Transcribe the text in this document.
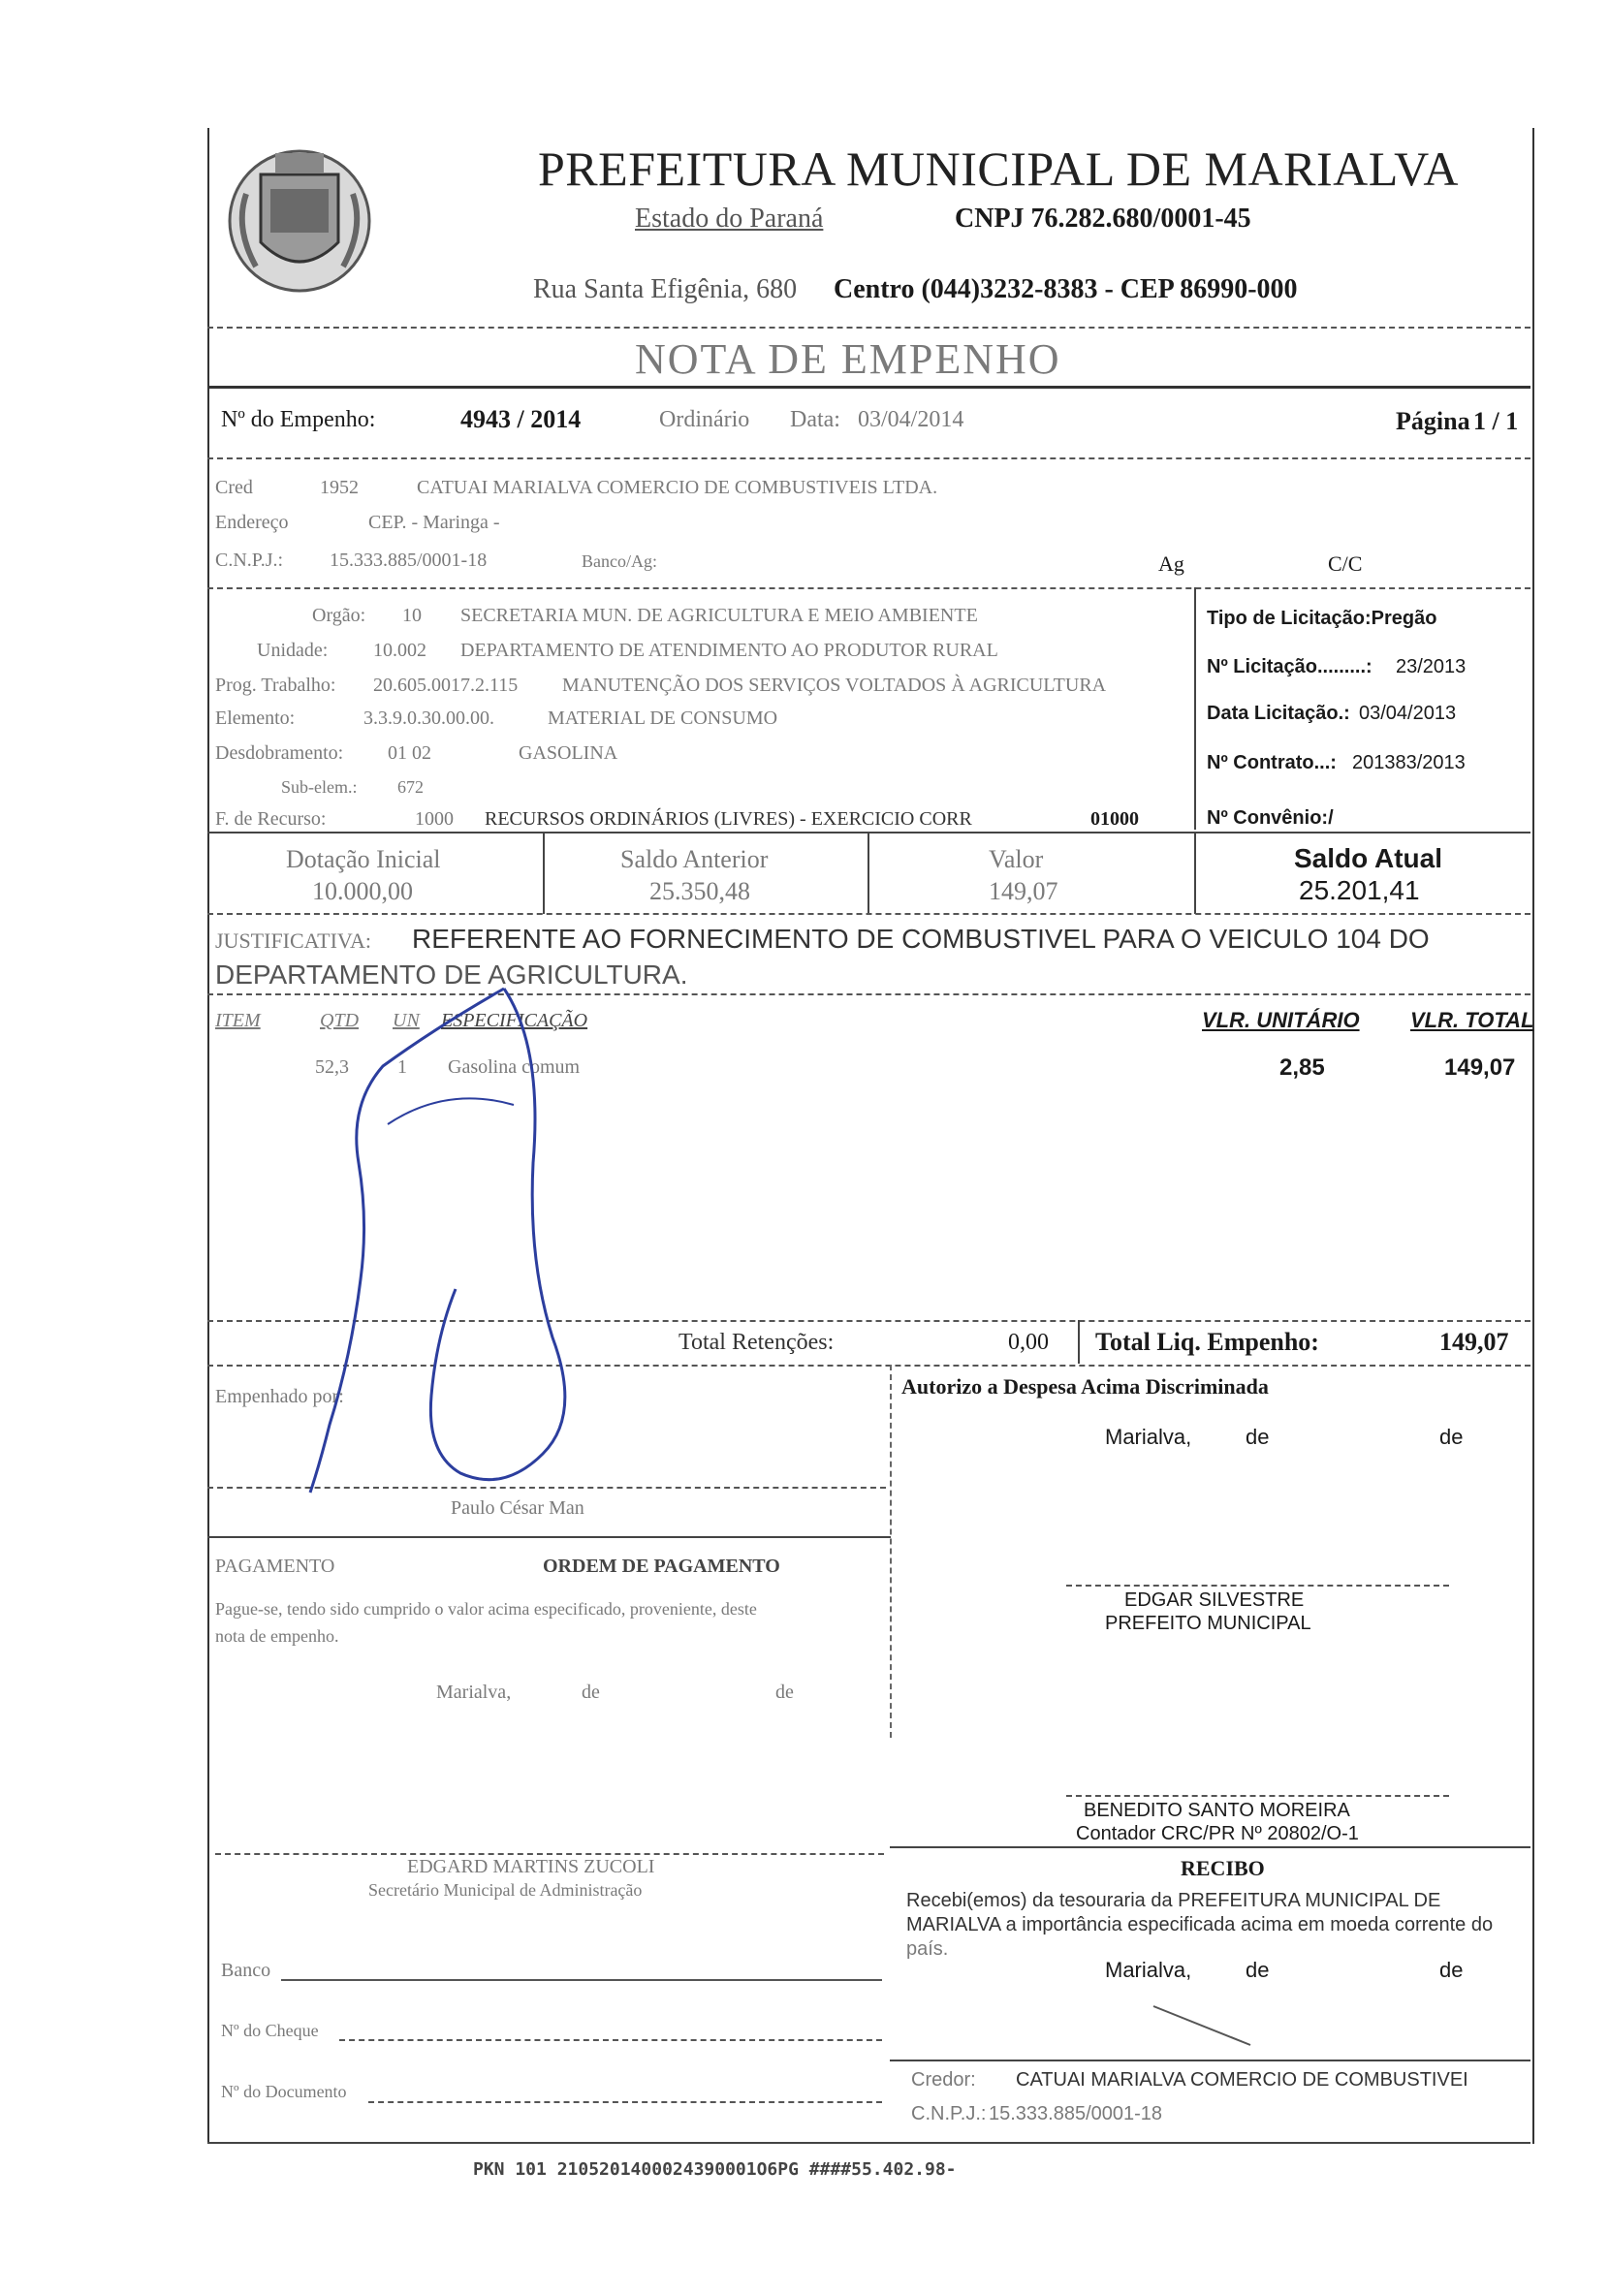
PREFEITURA MUNICIPAL DE MARIALVA
Estado do Paraná	CNPJ 76.282.680/0001-45
Rua Santa Efigênia, 680 Centro (044)3232-8383 - CEP 86990-000
NOTA DE EMPENHO
Nº do Empenho:	4943 / 2014	Ordinário Data: 03/04/2014	Página 1 / 1
Cred	1952	CATUAI MARIALVA COMERCIO DE COMBUSTIVEIS LTDA.
Endereço	CEP. - Maringa -
C.N.P.J.: 15.333.885/0001-18	Banco/Ag:	Ag	C/C
Orgão: 10 SECRETARIA MUN. DE AGRICULTURA E MEIO AMBIENTE
Unidade: 10.002 DEPARTAMENTO DE ATENDIMENTO AO PRODUTOR RURAL
Prog. Trabalho: 20.605.0017.2.115 MANUTENÇÃO DOS SERVIÇOS VOLTADOS À AGRICULTURA
Elemento:	3.3.9.0.30.00.00.	MATERIAL DE CONSUMO
Desdobramento: 01 02	GASOLINA
Sub-elem.: 672
F. de Recurso:	1000 RECURSOS ORDINÁRIOS (LIVRES) - EXERCICIO CORR	01000
Tipo de Licitação:Pregão
Nº Licitação.........: 23/2013
Data Licitação.: 03/04/2013
Nº Contrato...: 201383/2013
Nº Convênio:/
Dotação Inicial
10.000,00
Saldo Anterior
25.350,48
Valor
149,07
Saldo Atual
25.201,41
JUSTIFICATIVA: REFERENTE AO FORNECIMENTO DE COMBUSTIVEL PARA O VEICULO 104 DO
DEPARTAMENTO DE AGRICULTURA.
ITEM	QTD UN ESPECIFICAÇÃO	VLR. UNITÁRIO VLR. TOTAL
52,3	1 Gasolina comum	2,85	149,07
Total Retenções:	0,00 Total Liq. Empenho:	149,07
Empenhado por:	Autorizo a Despesa Acima Discriminada
Marialva,	de	de
Paulo César Man
PAGAMENTO	ORDEM DE PAGAMENTO
Pague-se, tendo sido cumprido o valor acima especificado, proveniente, deste
nota de empenho.
Marialva,	de	de
EDGAR SILVESTRE
PREFEITO MUNICIPAL
BENEDITO SANTO MOREIRA
Contador CRC/PR Nº 20802/O-1
EDGARD MARTINS ZUCOLI
Secretário Municipal de Administração
RECIBO
Recebi(emos) da tesouraria da PREFEITURA MUNICIPAL DE
MARIALVA a importância especificada acima em moeda corrente do
país.
Marialva,	de	de
Credor: CATUAI MARIALVA COMERCIO DE COMBUSTIVEI
C.N.P.J.: 15.333.885/0001-18
Banco
Nº do Cheque
Nº do Documento
PKN 101 2105201400024390001O6PG ####55.402.98-
